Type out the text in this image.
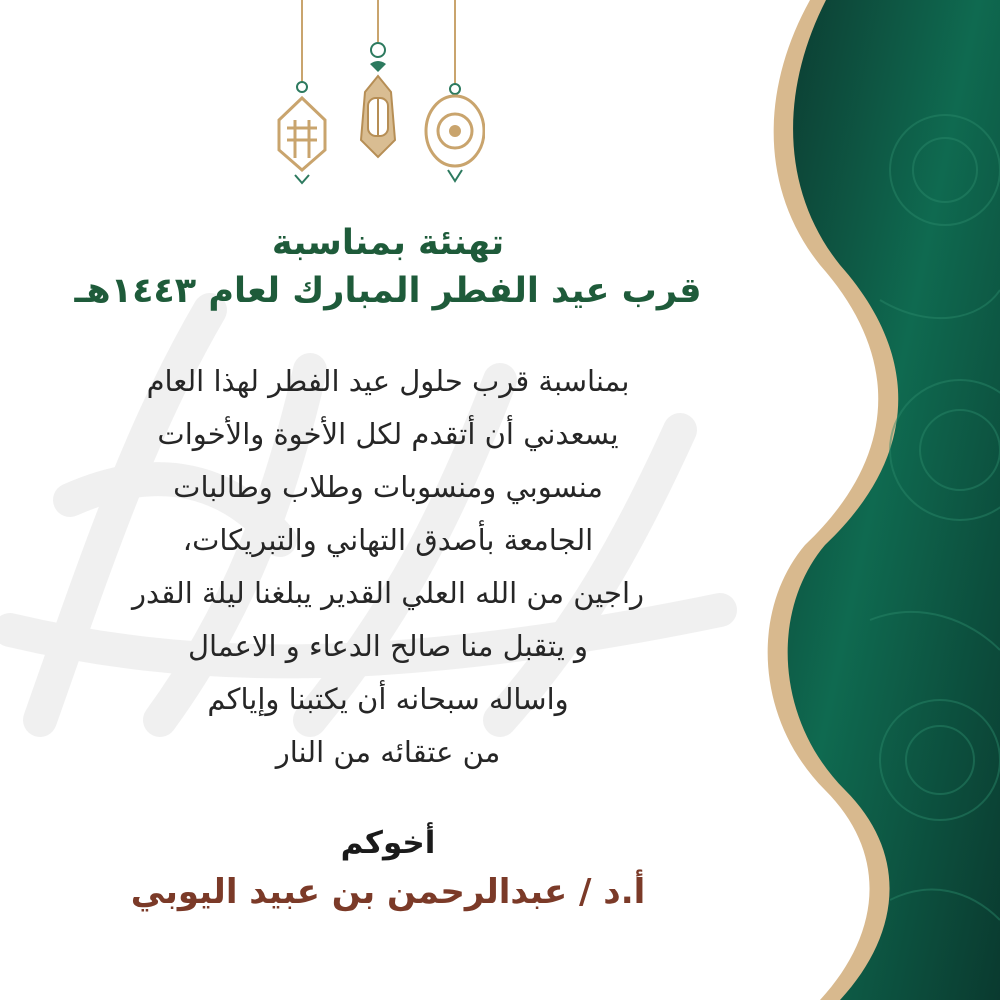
تهنئة بمناسبة
قرب عيد الفطر المبارك لعام ١٤٤٣هـ
بمناسبة قرب حلول عيد الفطر لهذا العام
يسعدني أن أتقدم لكل الأخوة والأخوات
منسوبي ومنسوبات وطلاب وطالبات
الجامعة بأصدق التهاني والتبريكات،
راجين من الله العلي القدير يبلغنا ليلة القدر
و يتقبل منا صالح الدعاء و الاعمال
واساله سبحانه أن يكتبنا وإياكم
من عتقائه من النار
أخوكم
أ.د / عبدالرحمن بن عبيد اليوبي
